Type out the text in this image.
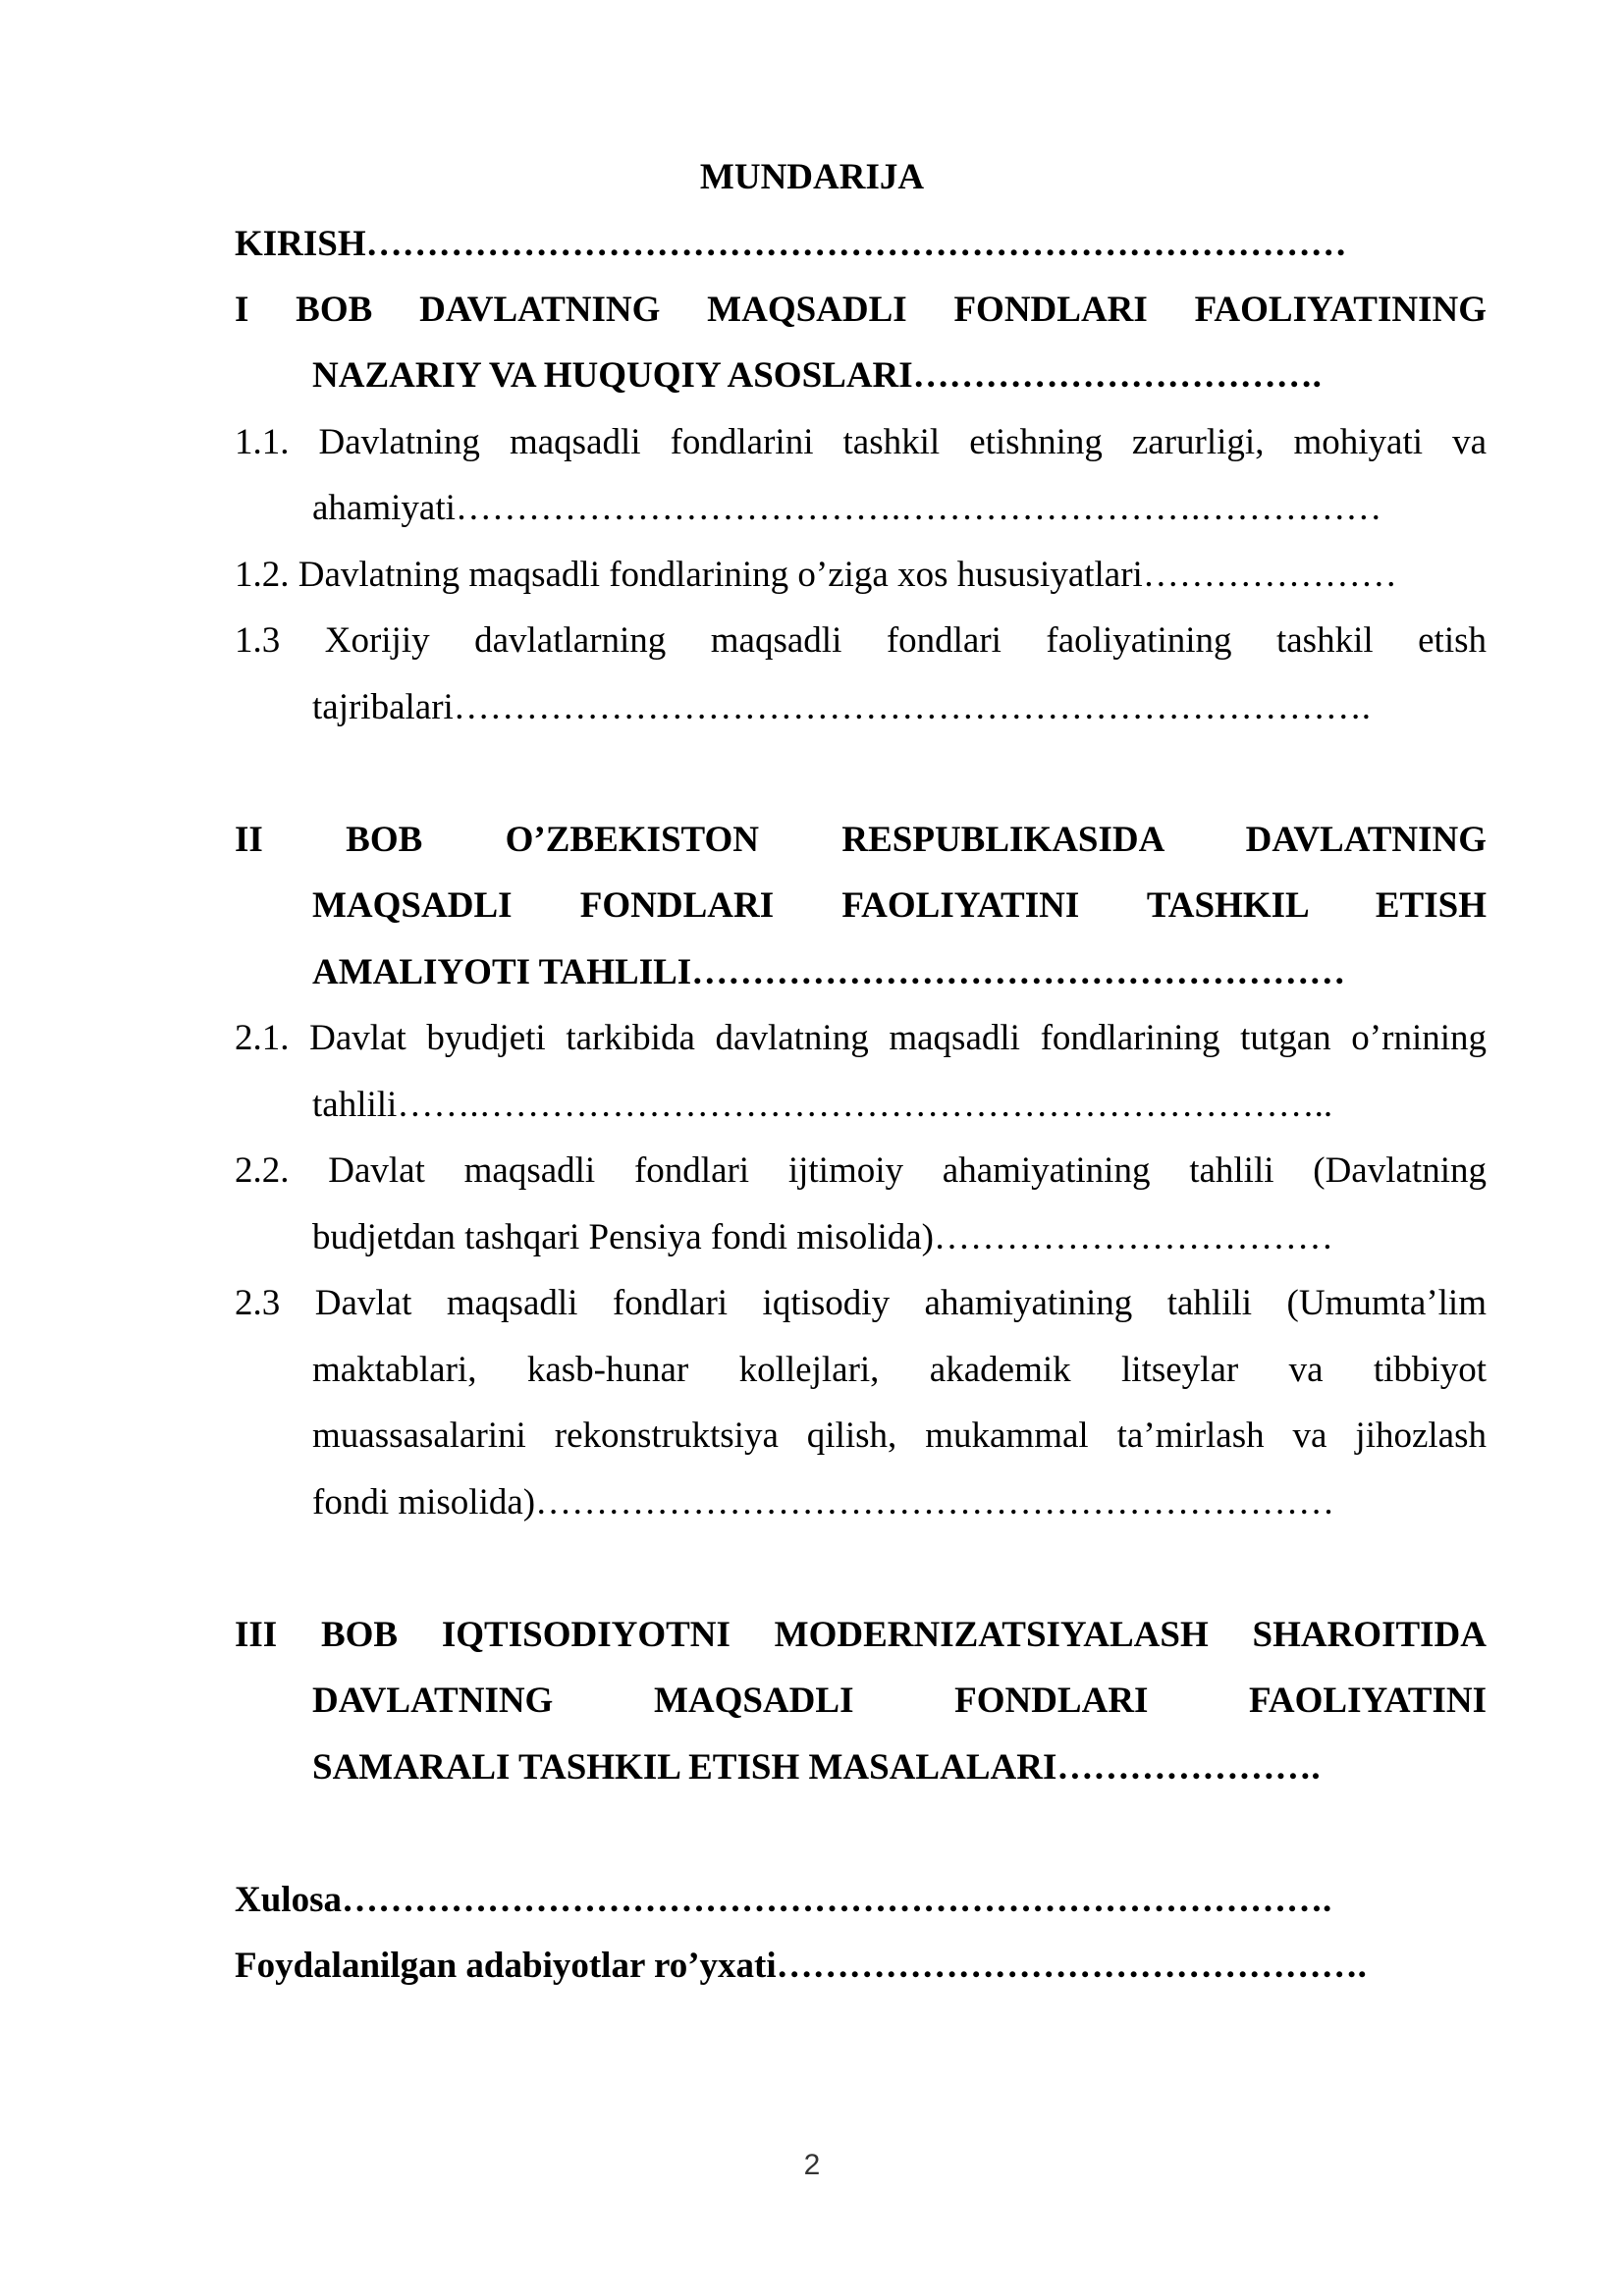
MUNDARIJA
KIRISH………………………………………………………………………
I BOB DAVLATNING MAQSADLI FONDLARI FAOLIYATINING
NAZARIY VA HUQUQIY ASOSLARI…………………………….
1.1. Davlatning maqsadli fondlarini tashkil etishning zarurligi, mohiyati va
ahamiyati……………………………….…………………….……………
1.2. Davlatning maqsadli fondlarining o’ziga xos hususiyatlari…………………
1.3 Xorijiy davlatlarning maqsadli fondlari faoliyatining tashkil etish
tajribalari………………………………………………………………….
II BOB O’ZBEKISTON RESPUBLIKASIDA DAVLATNING
MAQSADLI FONDLARI FAOLIYATINI TASHKIL ETISH
AMALIYOTI TAHLILI………………………………………………
2.1. Davlat byudjeti tarkibida davlatning maqsadli fondlarining tutgan o’rnining
tahlili…….……………………………………………………………..
2.2. Davlat maqsadli fondlari ijtimoiy ahamiyatining tahlili (Davlatning
budjetdan tashqari Pensiya fondi misolida)……………………………
2.3 Davlat maqsadli fondlari iqtisodiy ahamiyatining tahlili (Umumta’lim
maktablari, kasb-hunar kollejlari, akademik litseylar va tibbiyot
muassasalarini rekonstruktsiya qilish, mukammal ta’mirlash va jihozlash
fondi misolida)…………………………………………………………
III BOB IQTISODIYOTNI MODERNIZATSIYALASH SHAROITIDA
DAVLATNING MAQSADLI FONDLARI FAOLIYATINI
SAMARALI TASHKIL ETISH MASALALARI………………….
Xulosa……………………………………………………………………….
Foydalanilgan adabiyotlar ro’yxati………………………………………….
2
